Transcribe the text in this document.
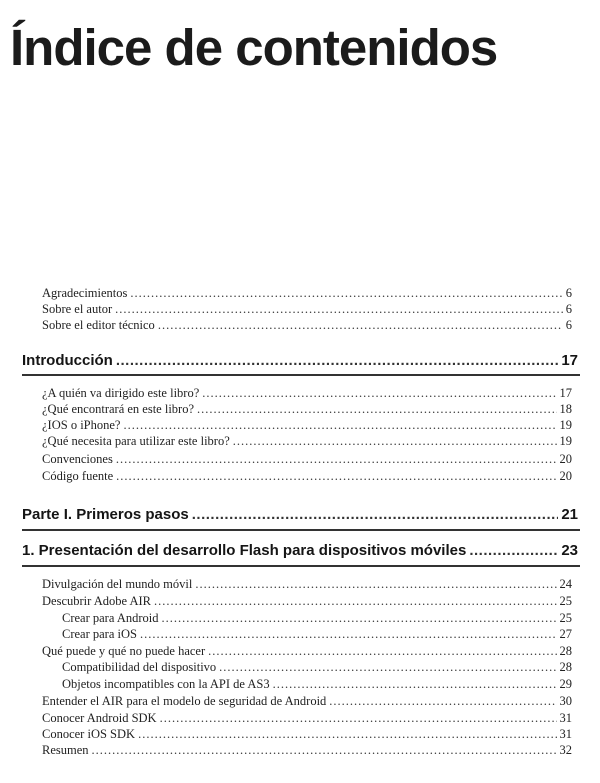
Índice de contenidos
Agradecimientos .....	6
Sobre el autor .....	6
Sobre el editor técnico .....	6
Introducción .....	17
¿A quién va dirigido este libro? .....	17
¿Qué encontrará en este libro? .....	18
¿IOS o iPhone? .....	19
¿Qué necesita para utilizar este libro? .....	19
Convenciones .....	20
Código fuente .....	20
Parte I. Primeros pasos .....	21
1. Presentación del desarrollo Flash para dispositivos móviles .....	23
Divulgación del mundo móvil .....	24
Descubrir Adobe AIR .....	25
Crear para Android .....	25
Crear para iOS .....	27
Qué puede y qué no puede hacer .....	28
Compatibilidad del dispositivo .....	28
Objetos incompatibles con la API de AS3 .....	29
Entender el AIR para el modelo de seguridad de Android .....	30
Conocer Android SDK .....	31
Conocer iOS SDK .....	31
Resumen .....	32
